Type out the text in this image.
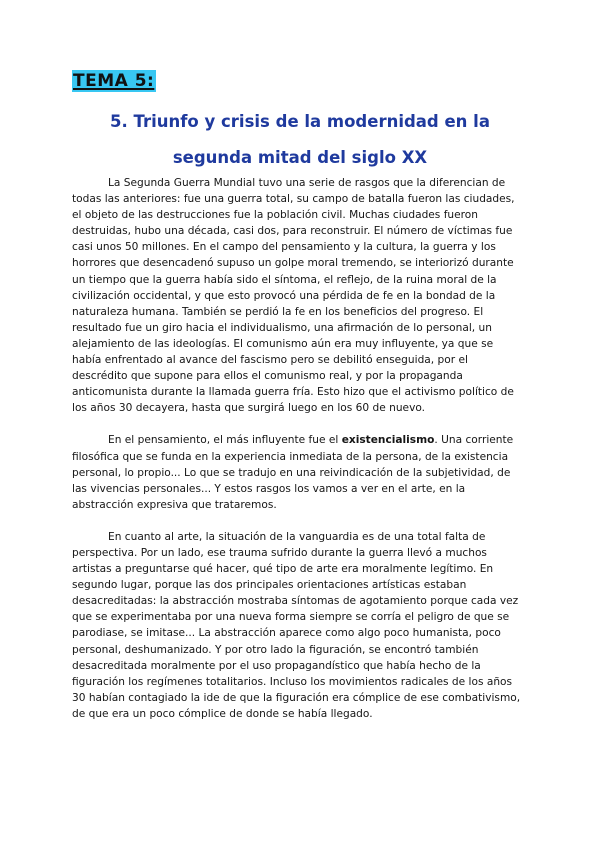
TEMA 5:
5. Triunfo y crisis de la modernidad en la segunda mitad del siglo XX

La Segunda Guerra Mundial tuvo una serie de rasgos que la diferencian de todas las anteriores: fue una guerra total, su campo de batalla fueron las ciudades, el objeto de las destrucciones fue la población civil. Muchas ciudades fueron destruidas, hubo una década, casi dos, para reconstruir. El número de víctimas fue casi unos 50 millones. En el campo del pensamiento y la cultura, la guerra y los horrores que desencadenó supuso un golpe moral tremendo, se interiorizó durante un tiempo que la guerra había sido el síntoma, el reflejo, de la ruina moral de la civilización occidental, y que esto provocó una pérdida de fe en la bondad de la naturaleza humana. También se perdió la fe en los beneficios del progreso. El resultado fue un giro hacia el individualismo, una afirmación de lo personal, un alejamiento de las ideologías. El comunismo aún era muy influyente, ya que se había enfrentado al avance del fascismo pero se debilitó enseguida, por el descrédito que supone para ellos el comunismo real, y por la propaganda anticomunista durante la llamada guerra fría. Esto hizo que el activismo político de los años 30 decayera, hasta que surgirá luego en los 60 de nuevo.

En el pensamiento, el más influyente fue el existencialismo. Una corriente filosófica que se funda en la experiencia inmediata de la persona, de la existencia personal, lo propio... Lo que se tradujo en una reivindicación de la subjetividad, de las vivencias personales... Y estos rasgos los vamos a ver en el arte, en la abstracción expresiva que trataremos.

En cuanto al arte, la situación de la vanguardia es de una total falta de perspectiva. Por un lado, ese trauma sufrido durante la guerra llevó a muchos artistas a preguntarse qué hacer, qué tipo de arte era moralmente legítimo. En segundo lugar, porque las dos principales orientaciones artísticas estaban desacreditadas: la abstracción mostraba síntomas de agotamiento porque cada vez que se experimentaba por una nueva forma siempre se corría el peligro de que se parodiase, se imitase... La abstracción aparece como algo poco humanista, poco personal, deshumanizado. Y por otro lado la figuración, se encontró también desacreditada moralmente por el uso propagandístico que había hecho de la figuración los regímenes totalitarios. Incluso los movimientos radicales de los años 30 habían contagiado la ide de que la figuración era cómplice de ese combativismo, de que era un poco cómplice de donde se había llegado.
